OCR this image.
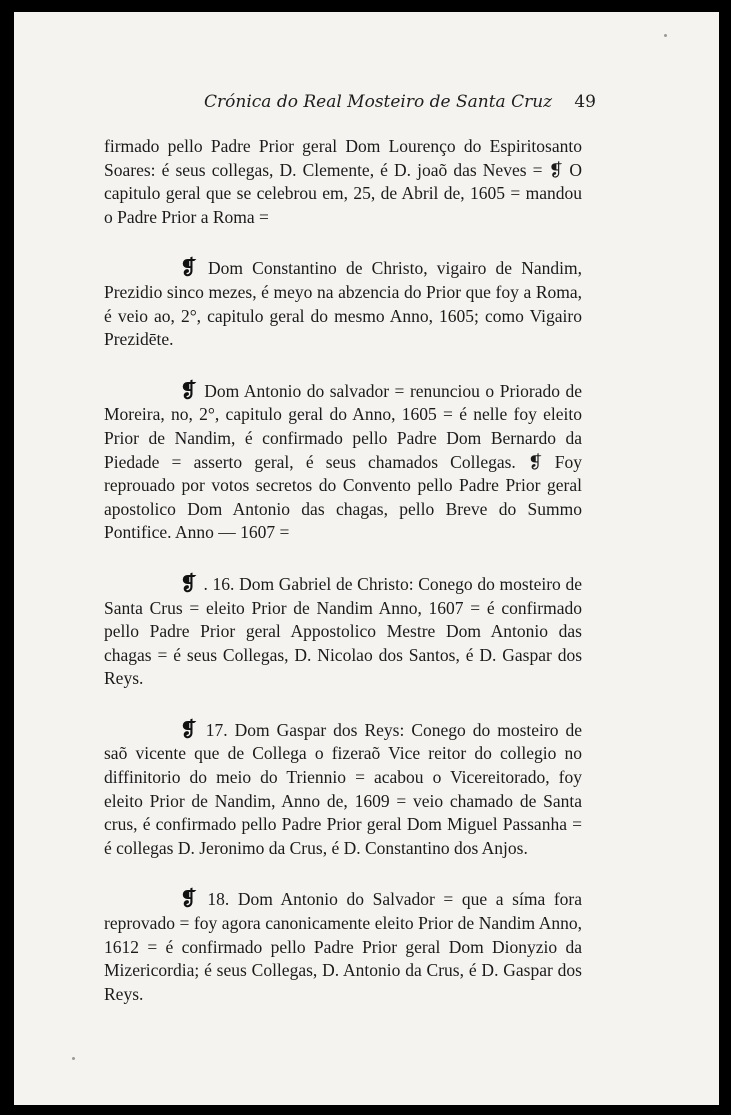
Crónica do Real Mosteiro de Santa Cruz 49

firmado pello Padre Prior geral Dom Lourenço do Espiritosanto Soares: é seus collegas, D. Clemente, é D. joaõ das Neves = ❡ O capitulo geral que se celebrou em, 25, de Abril de, 1605 = mandou o Padre Prior a Roma =

❡ Dom Constantino de Christo, vigairo de Nandim, Prezidio sinco mezes, é meyo na abzencia do Prior que foy a Roma, é veio ao, 2°, capitulo geral do mesmo Anno, 1605; como Vigairo Prezidēte.

❡ Dom Antonio do salvador = renunciou o Priorado de Moreira, no, 2°, capitulo geral do Anno, 1605 = é nelle foy eleito Prior de Nandim, é confirmado pello Padre Dom Bernardo da Piedade = asserto geral, é seus chamados Collegas. ❡ Foy reprouado por votos secretos do Convento pello Padre Prior geral apostolico Dom Antonio das chagas, pello Breve do Summo Pontifice. Anno — 1607 =

❡ . 16. Dom Gabriel de Christo: Conego do mosteiro de Santa Crus = eleito Prior de Nandim Anno, 1607 = é confirmado pello Padre Prior geral Appostolico Mestre Dom Antonio das chagas = é seus Collegas, D. Nicolao dos Santos, é D. Gaspar dos Reys.

❡ 17. Dom Gaspar dos Reys: Conego do mosteiro de saõ vicente que de Collega o fizeraõ Vice reitor do collegio no diffinitorio do meio do Triennio = acabou o Vicereitorado, foy eleito Prior de Nandim, Anno de, 1609 = veio chamado de Santa crus, é confirmado pello Padre Prior geral Dom Miguel Passanha = é collegas D. Jeronimo da Crus, é D. Constantino dos Anjos.

❡ 18. Dom Antonio do Salvador = que a síma fora reprovado = foy agora canonicamente eleito Prior de Nandim Anno, 1612 = é confirmado pello Padre Prior geral Dom Dionyzio da Mizericordia; é seus Collegas, D. Antonio da Crus, é D. Gaspar dos Reys.
